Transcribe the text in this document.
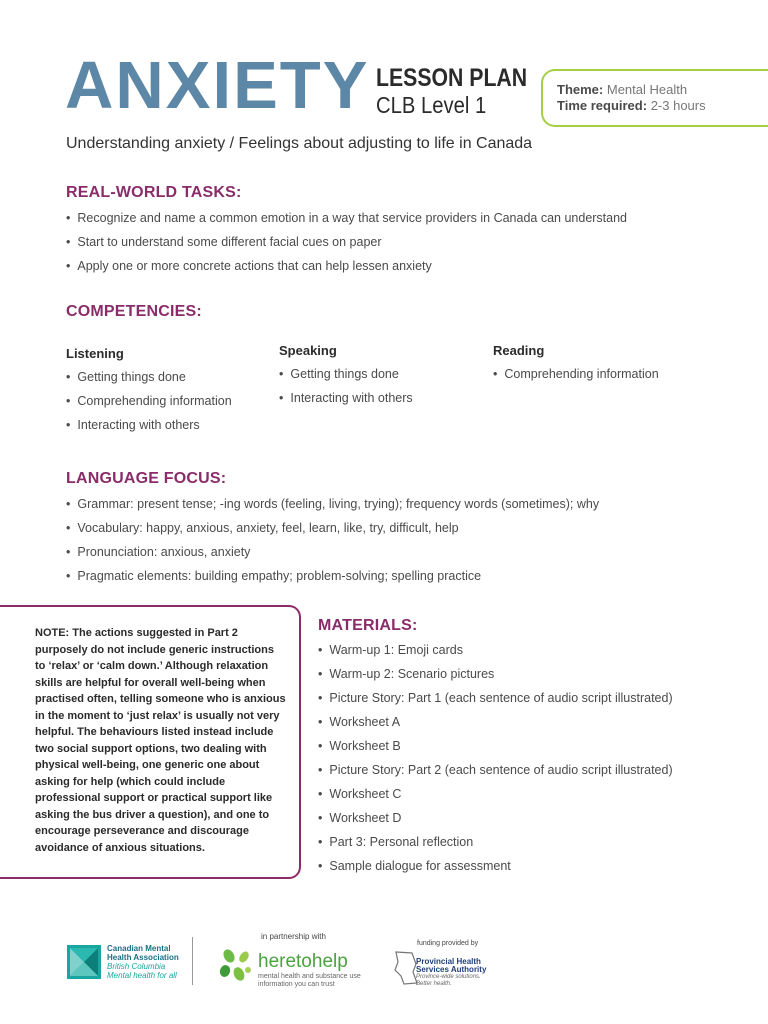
ANXIETY LESSON PLAN
CLB Level 1
Theme: Mental Health
Time required: 2-3 hours
Understanding anxiety / Feelings about adjusting to life in Canada
REAL-WORLD TASKS:
• Recognize and name a common emotion in a way that service providers in Canada can understand
• Start to understand some different facial cues on paper
• Apply one or more concrete actions that can help lessen anxiety
COMPETENCIES:
Listening
• Getting things done
• Comprehending information
• Interacting with others
Speaking
• Getting things done
• Interacting with others
Reading
• Comprehending information
LANGUAGE FOCUS:
• Grammar: present tense; -ing words (feeling, living, trying); frequency words (sometimes); why
• Vocabulary: happy, anxious, anxiety, feel, learn, like, try, difficult, help
• Pronunciation: anxious, anxiety
• Pragmatic elements: building empathy; problem-solving; spelling practice
NOTE: The actions suggested in Part 2 purposely do not include generic instructions to ‘relax’ or ‘calm down.’ Although relaxation skills are helpful for overall well-being when practised often, telling someone who is anxious in the moment to ‘just relax’ is usually not very helpful. The behaviours listed instead include two social support options, two dealing with physical well-being, one generic one about asking for help (which could include professional support or practical support like asking the bus driver a question), and one to encourage perseverance and discourage avoidance of anxious situations.
MATERIALS:
• Warm-up 1: Emoji cards
• Warm-up 2: Scenario pictures
• Picture Story: Part 1 (each sentence of audio script illustrated)
• Worksheet A
• Worksheet B
• Picture Story: Part 2 (each sentence of audio script illustrated)
• Worksheet C
• Worksheet D
• Part 3: Personal reflection
• Sample dialogue for assessment
Canadian Mental
Health Association
British Columbia
Mental health for all
in partnership with
heretohelp
mental health and substance use
information you can trust
funding provided by
Provincial Health
Services Authority
Province-wide solutions.
Better health.
